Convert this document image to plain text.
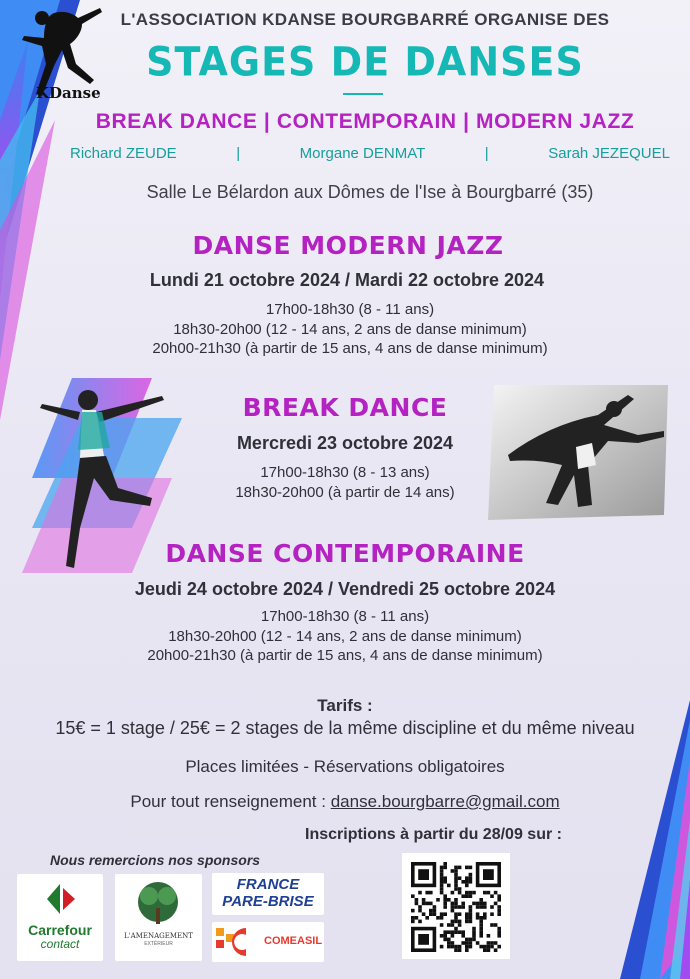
KDanse
L'ASSOCIATION KDANSE BOURGBARRÉ ORGANISE DES
STAGES DE DANSES
BREAK DANCE | CONTEMPORAIN | MODERN JAZZ
Richard ZEUDE	|	Morgane DENMAT	|	Sarah JEZEQUEL
Salle Le Bélardon aux Dômes de l'Ise à Bourgbarré (35)
DANSE MODERN JAZZ
Lundi 21 octobre 2024 / Mardi 22 octobre 2024
17h00-18h30 (8 - 11 ans)
18h30-20h00 (12 - 14 ans, 2 ans de danse minimum)
20h00-21h30 (à partir de 15 ans, 4 ans de danse minimum)
BREAK DANCE
Mercredi 23 octobre 2024
17h00-18h30 (8 - 13 ans)
18h30-20h00 (à partir de 14 ans)
DANSE CONTEMPORAINE
Jeudi 24 octobre 2024 / Vendredi 25 octobre 2024
17h00-18h30 (8 - 11 ans)
18h30-20h00 (12 - 14 ans, 2 ans de danse minimum)
20h00-21h30 (à partir de 15 ans, 4 ans de danse minimum)
Tarifs :
15€ = 1 stage / 25€ = 2 stages de la même discipline et du même niveau
Places limitées - Réservations obligatoires
Pour tout renseignement : danse.bourgbarre@gmail.com
Inscriptions à partir du 28/09 sur :
Nous remercions nos sponsors
Carrefour
contact
L'AMENAGEMENT
EXTÉRIEUR
FRANCE
PARE-BRISE
COMEASIL
